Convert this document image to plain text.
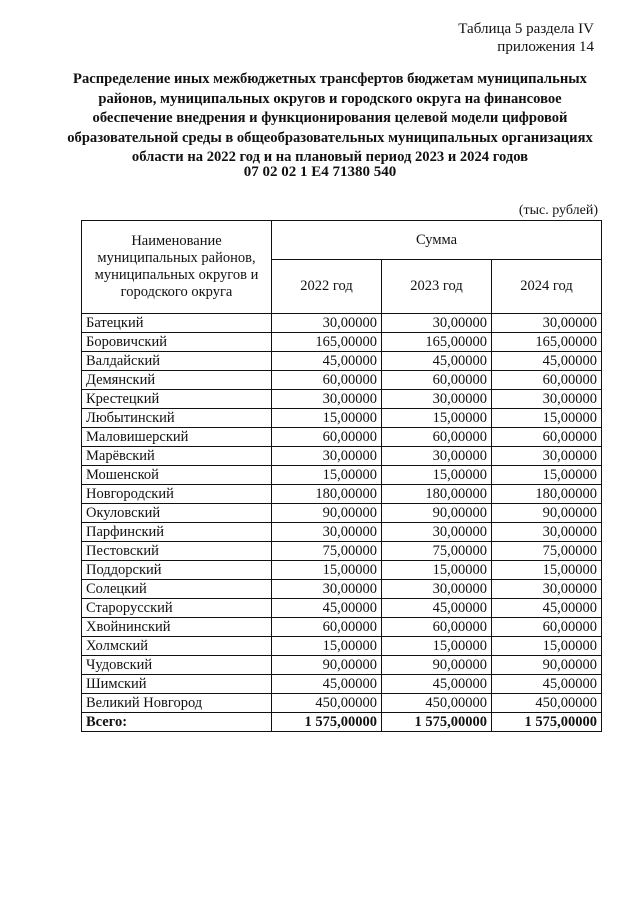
Таблица 5 раздела IV
приложения 14

Распределение иных межбюджетных трансфертов бюджетам муниципальных районов, муниципальных округов и городского округа на финансовое обеспечение внедрения и функционирования целевой модели цифровой образовательной среды в общеобразовательных муниципальных организациях области на 2022 год и на плановый период 2023 и 2024 годов

07 02 02 1 E4 71380 540
(тыс. рублей)
Наименование муниципальных районов, муниципальных округов и городского округа	Сумма		
	2022 год	2023 год	2024 год
Батецкий	30,00000	30,00000	30,00000
Боровичский	165,00000	165,00000	165,00000
Валдайский	45,00000	45,00000	45,00000
Демянский	60,00000	60,00000	60,00000
Крестецкий	30,00000	30,00000	30,00000
Любытинский	15,00000	15,00000	15,00000
Маловишерский	60,00000	60,00000	60,00000
Марёвский	30,00000	30,00000	30,00000
Мошенской	15,00000	15,00000	15,00000
Новгородский	180,00000	180,00000	180,00000
Окуловский	90,00000	90,00000	90,00000
Парфинский	30,00000	30,00000	30,00000
Пестовский	75,00000	75,00000	75,00000
Поддорский	15,00000	15,00000	15,00000
Солецкий	30,00000	30,00000	30,00000
Старорусский	45,00000	45,00000	45,00000
Хвойнинский	60,00000	60,00000	60,00000
Холмский	15,00000	15,00000	15,00000
Чудовский	90,00000	90,00000	90,00000
Шимский	45,00000	45,00000	45,00000
Великий Новгород	450,00000	450,00000	450,00000
Всего:	1 575,00000	1 575,00000	1 575,00000
